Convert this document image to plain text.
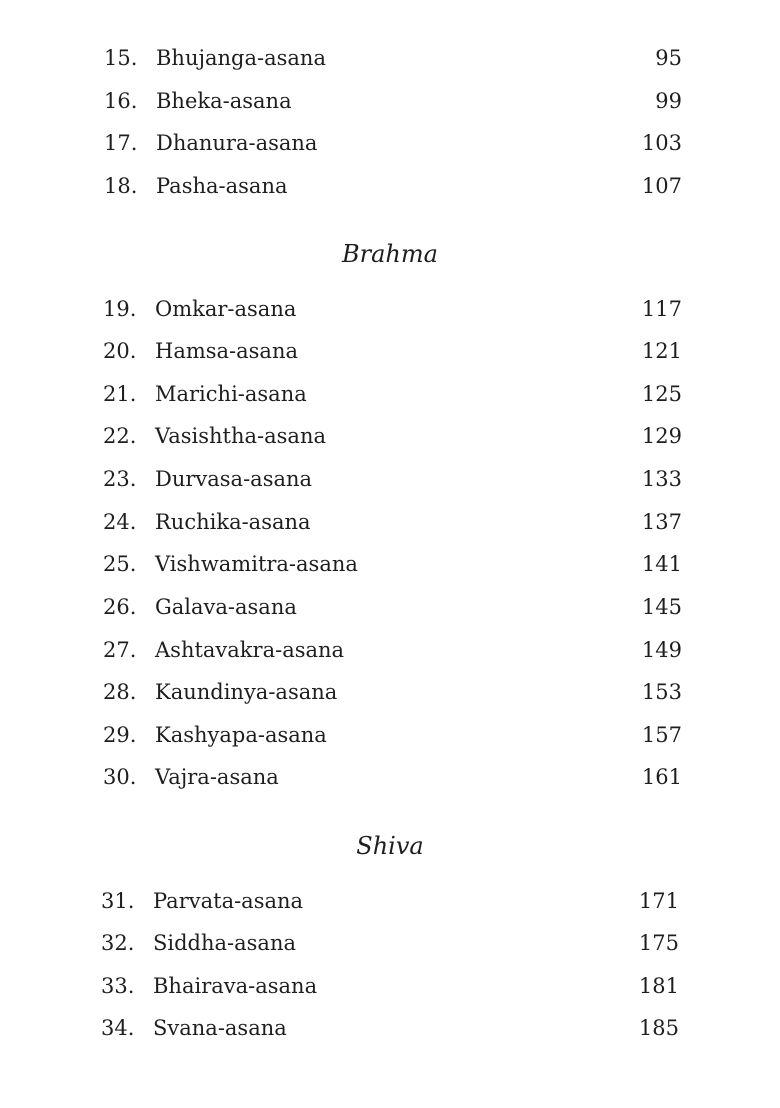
15. Bhujanga-asana	95
16. Bheka-asana	99
17. Dhanura-asana	103
18. Pasha-asana	107
Brahma
19. Omkar-asana	117
20. Hamsa-asana	121
21. Marichi-asana	125
22. Vasishtha-asana	129
23. Durvasa-asana	133
24. Ruchika-asana	137
25. Vishwamitra-asana	141
26. Galava-asana	145
27. Ashtavakra-asana	149
28. Kaundinya-asana	153
29. Kashyapa-asana	157
30. Vajra-asana	161
Shiva
31. Parvata-asana	171
32. Siddha-asana	175
33. Bhairava-asana	181
34. Svana-asana	185
